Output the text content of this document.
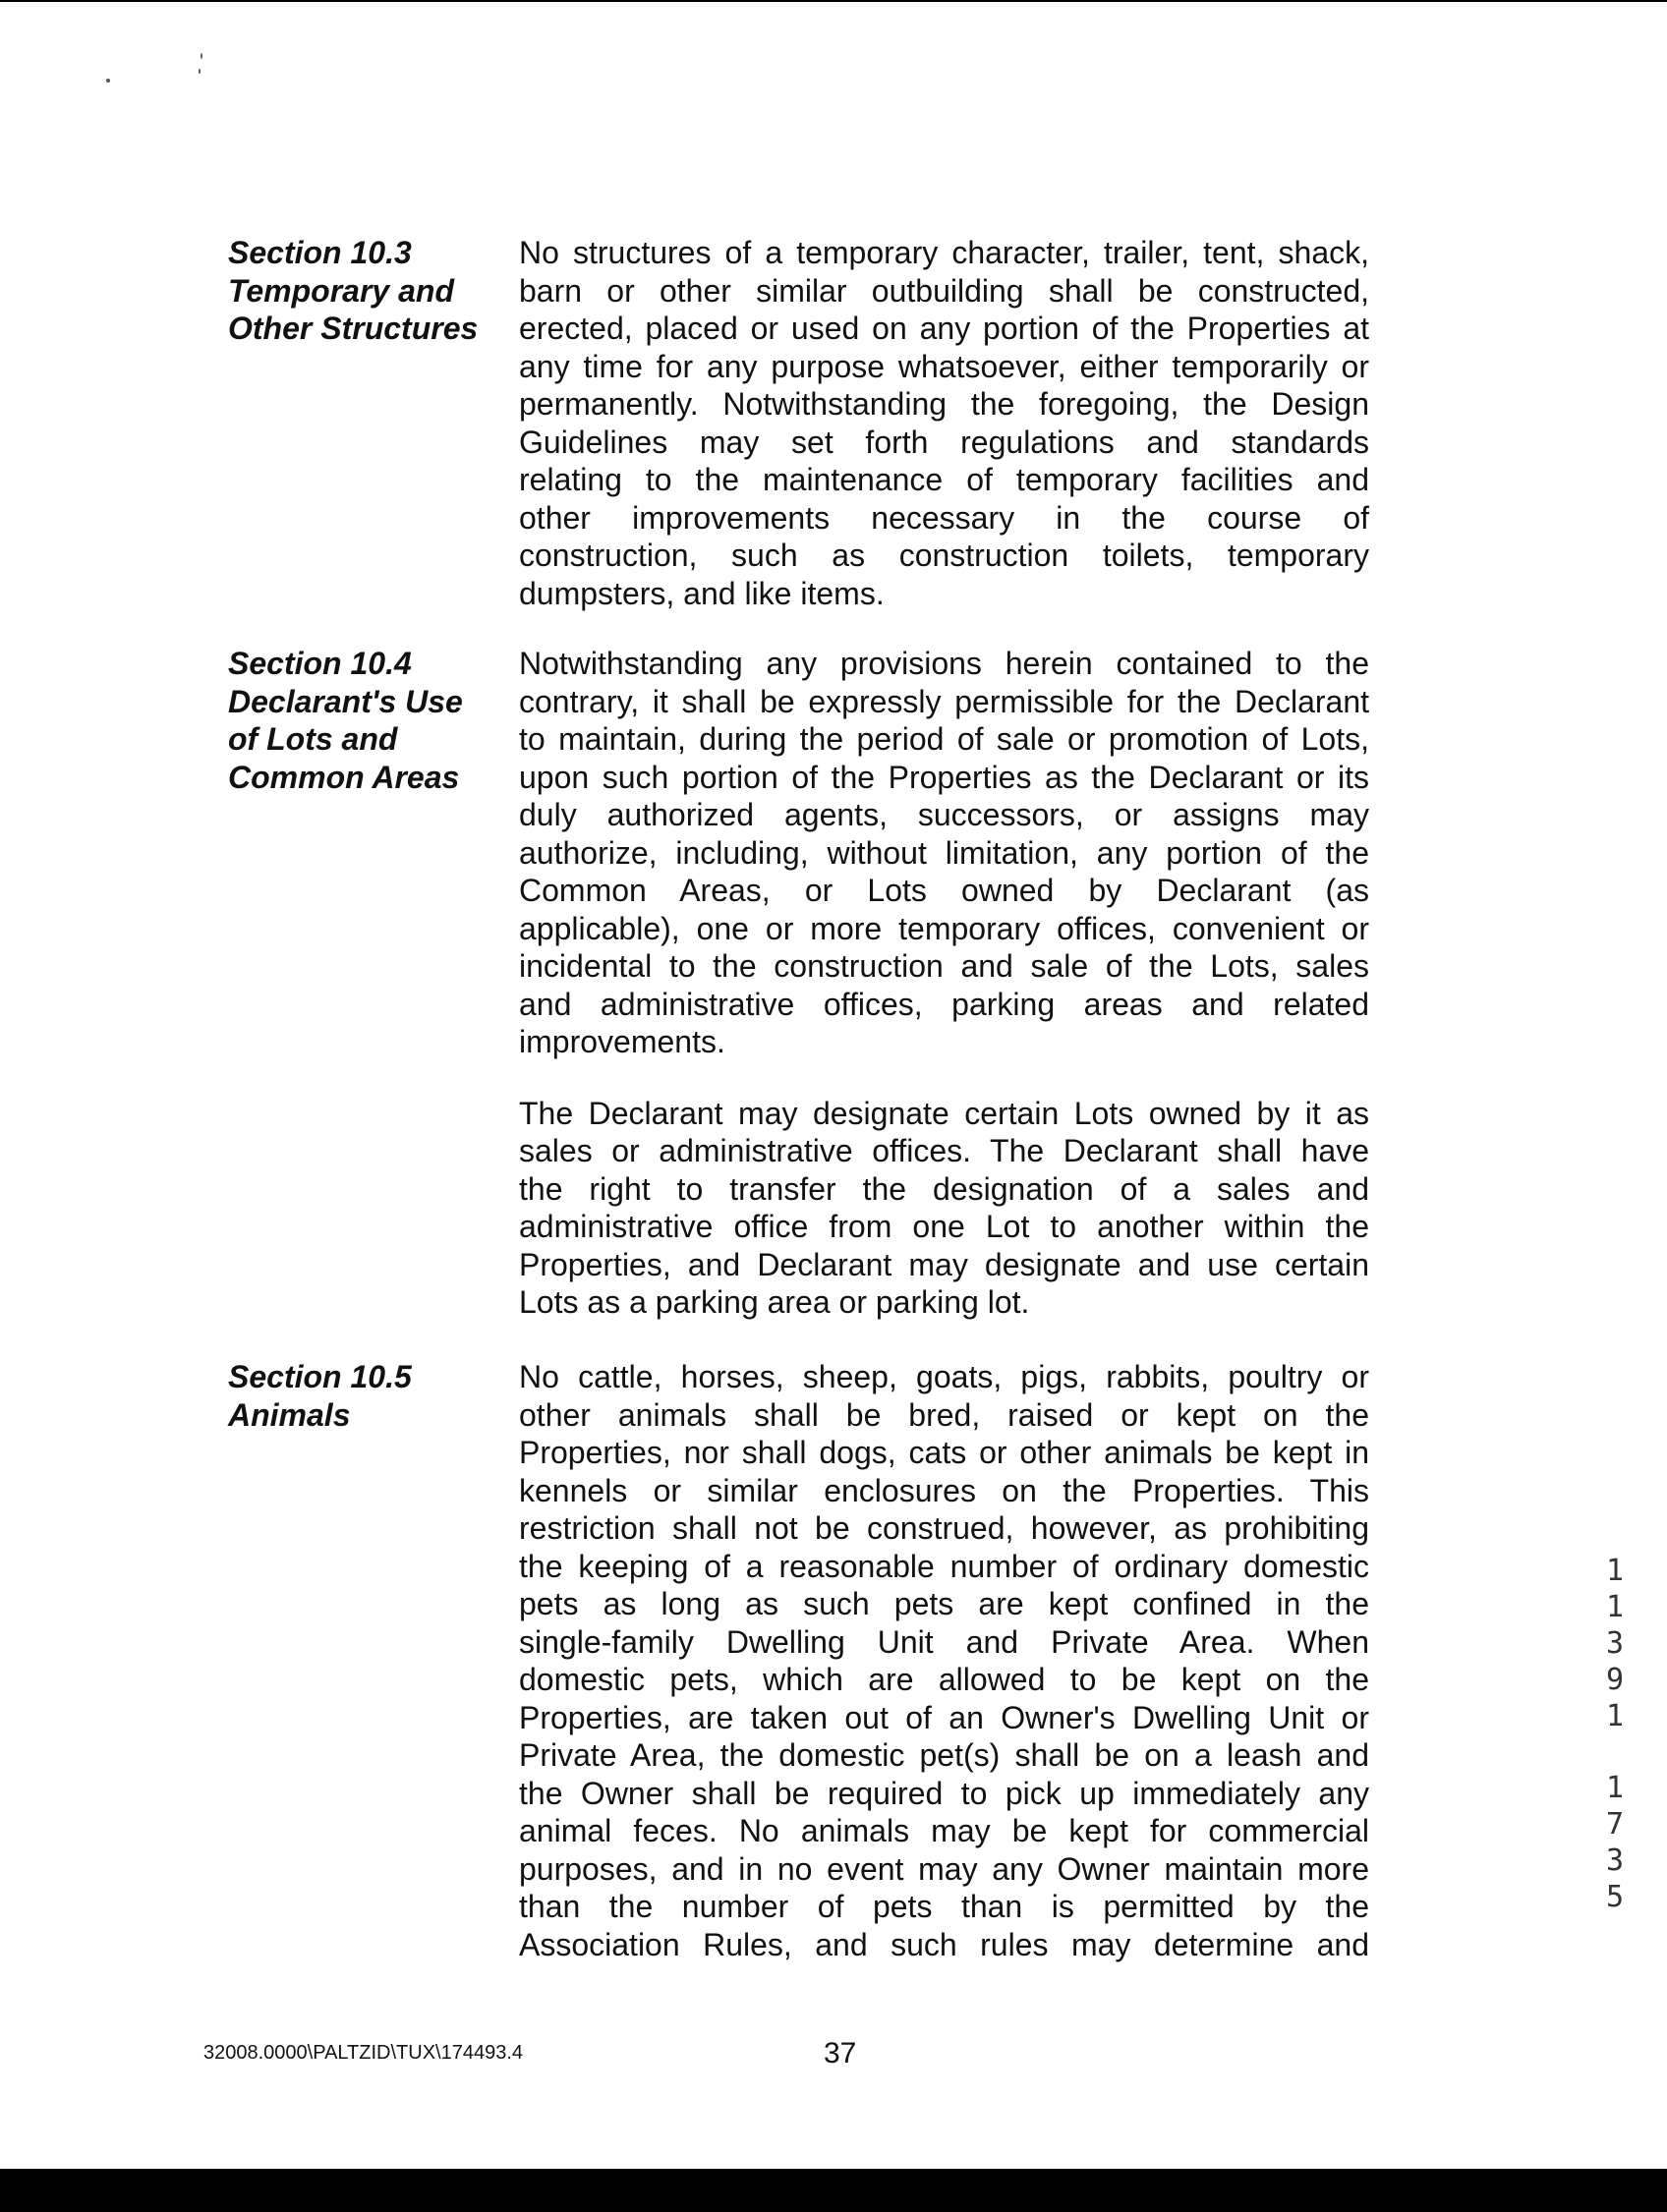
Section 10.3
Temporary and
Other Structures
No structures of a temporary character, trailer, tent, shack,
barn or other similar outbuilding shall be constructed,
erected, placed or used on any portion of the Properties at
any time for any purpose whatsoever, either temporarily or
permanently. Notwithstanding the foregoing, the Design
Guidelines may set forth regulations and standards
relating to the maintenance of temporary facilities and
other improvements necessary in the course of
construction, such as construction toilets, temporary
dumpsters, and like items.
Section 10.4
Declarant's Use
of Lots and
Common Areas
Notwithstanding any provisions herein contained to the
contrary, it shall be expressly permissible for the Declarant
to maintain, during the period of sale or promotion of Lots,
upon such portion of the Properties as the Declarant or its
duly authorized agents, successors, or assigns may
authorize, including, without limitation, any portion of the
Common Areas, or Lots owned by Declarant (as
applicable), one or more temporary offices, convenient or
incidental to the construction and sale of the Lots, sales
and administrative offices, parking areas and related
improvements.
The Declarant may designate certain Lots owned by it as
sales or administrative offices. The Declarant shall have
the right to transfer the designation of a sales and
administrative office from one Lot to another within the
Properties, and Declarant may designate and use certain
Lots as a parking area or parking lot.
Section 10.5
Animals
No cattle, horses, sheep, goats, pigs, rabbits, poultry or
other animals shall be bred, raised or kept on the
Properties, nor shall dogs, cats or other animals be kept in
kennels or similar enclosures on the Properties. This
restriction shall not be construed, however, as prohibiting
the keeping of a reasonable number of ordinary domestic
pets as long as such pets are kept confined in the
single-family Dwelling Unit and Private Area. When
domestic pets, which are allowed to be kept on the
Properties, are taken out of an Owner's Dwelling Unit or
Private Area, the domestic pet(s) shall be on a leash and
the Owner shall be required to pick up immediately any
animal feces. No animals may be kept for commercial
purposes, and in no event may any Owner maintain more
than the number of pets than is permitted by the
Association Rules, and such rules may determine and
1
1
3
9
1
1
7
3
5
32008.0000\PALTZID\TUX\174493.4	37
